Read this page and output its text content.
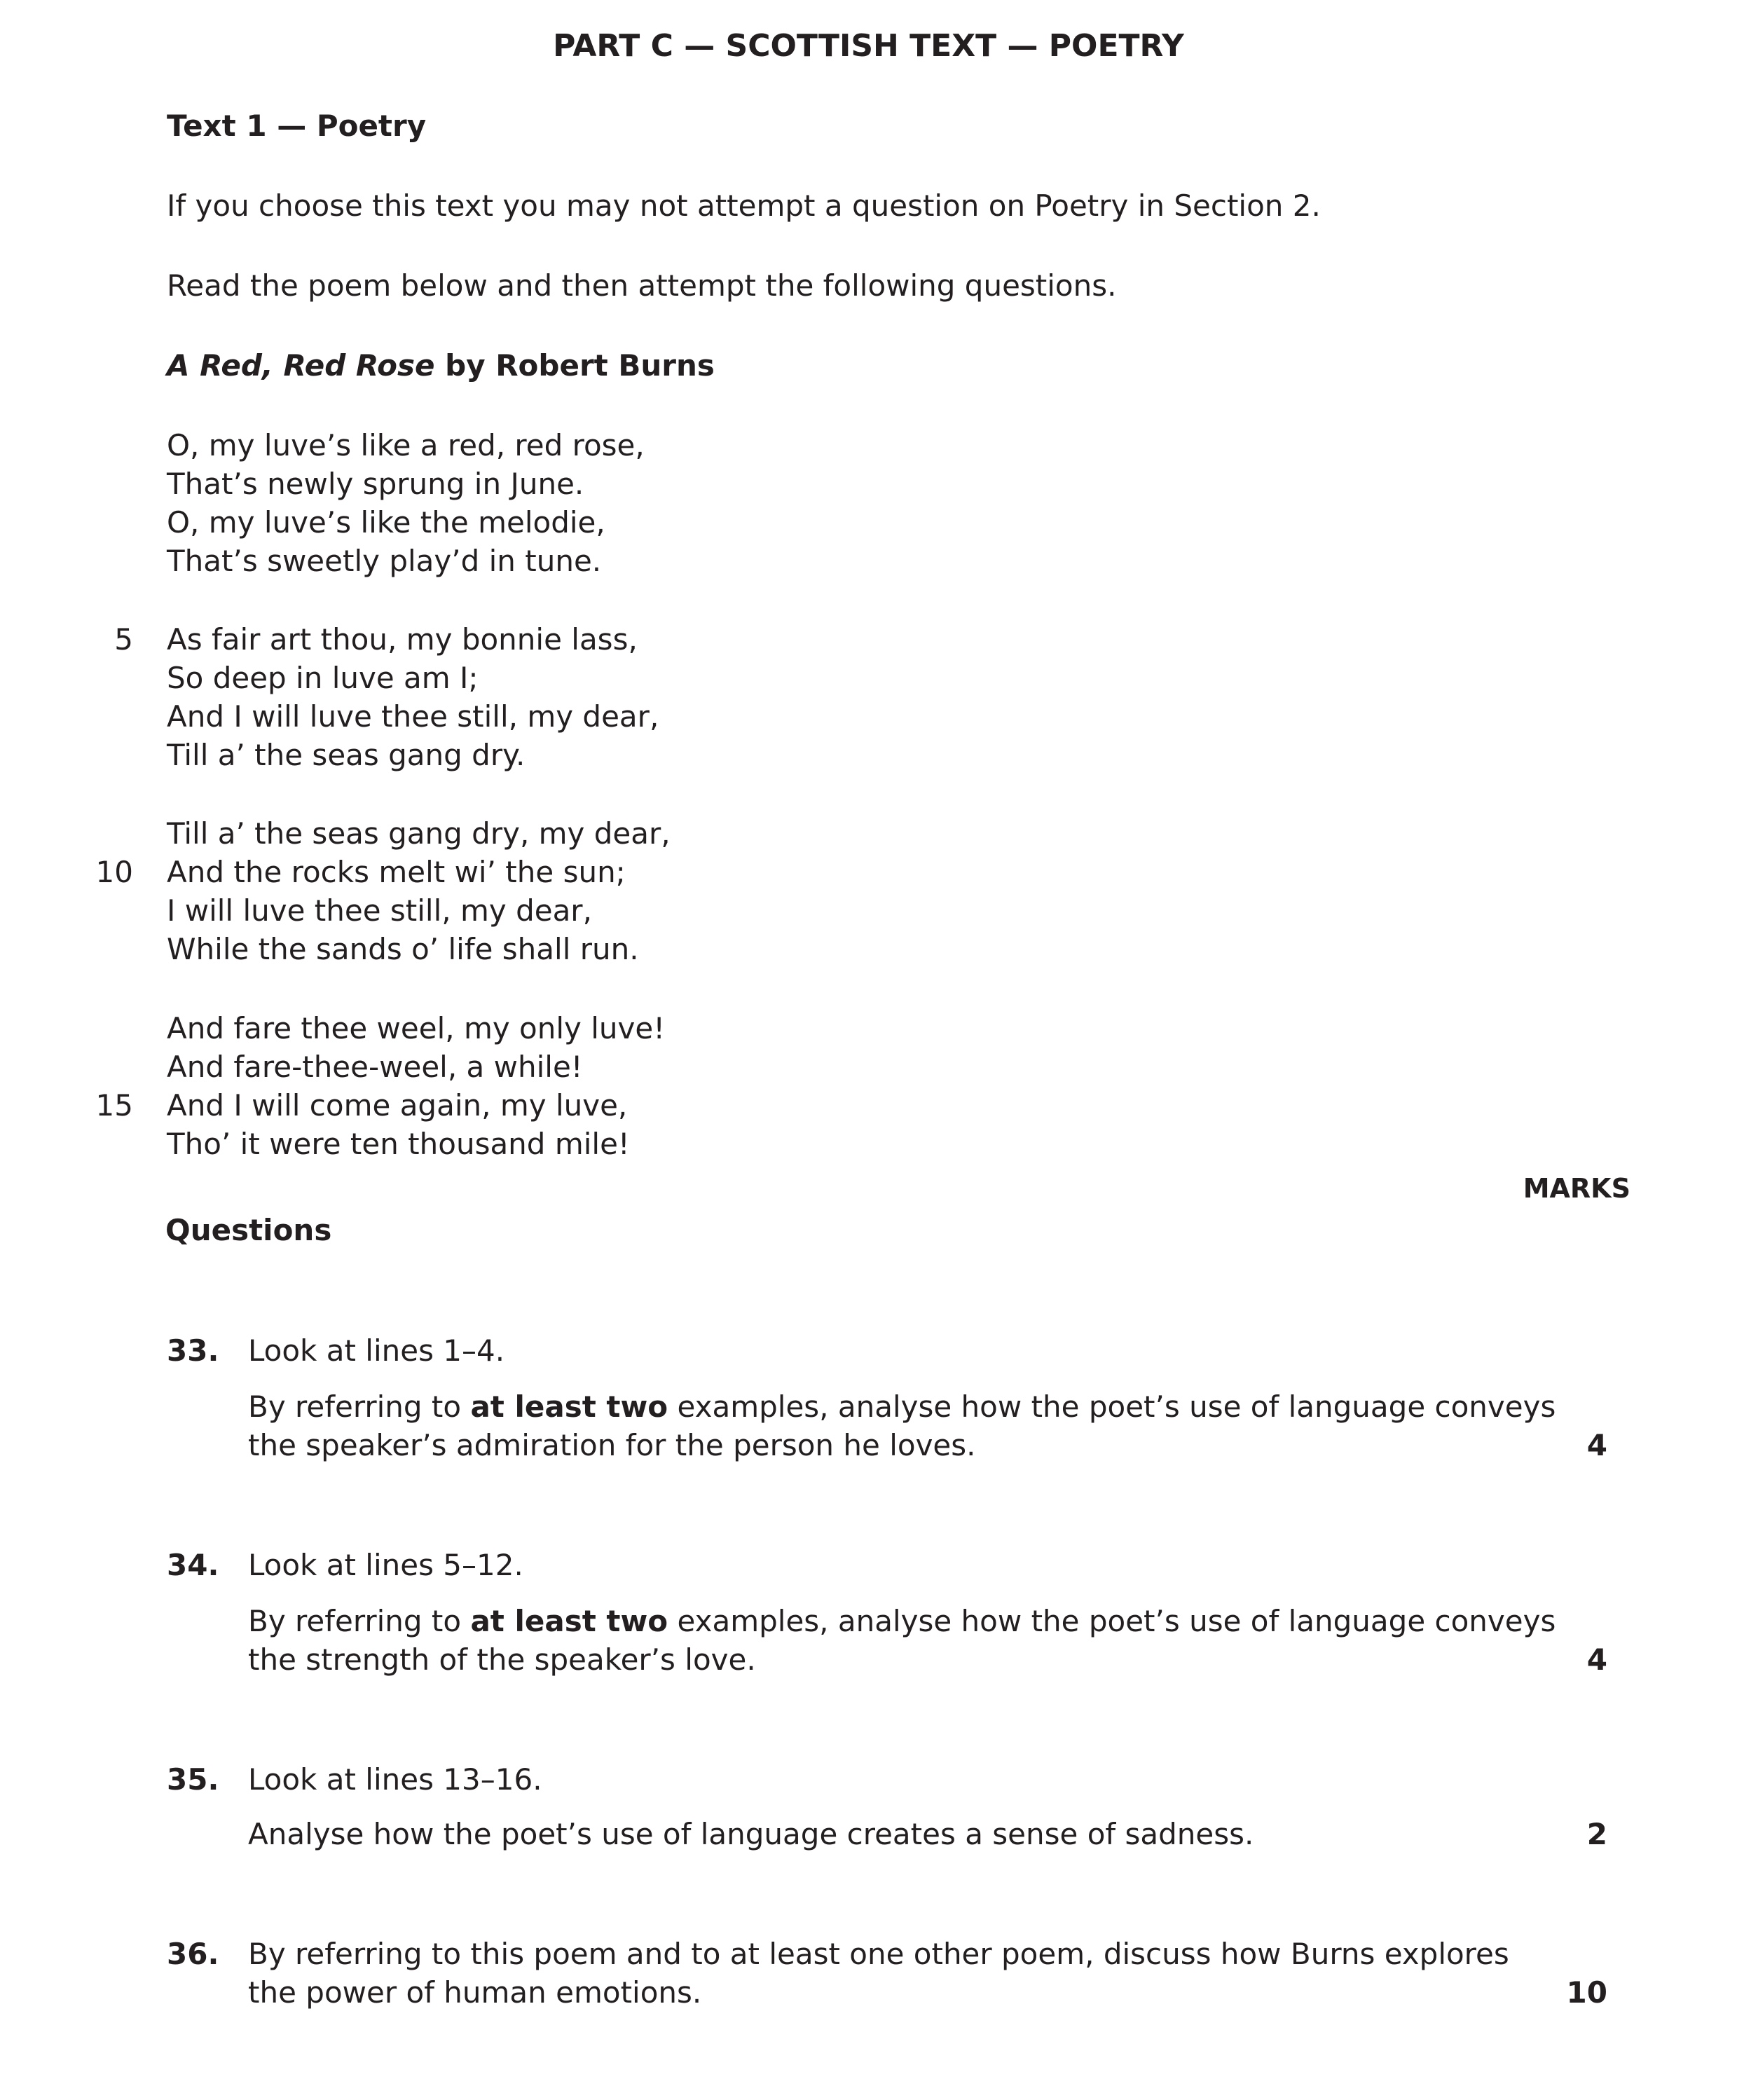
PART C — SCOTTISH TEXT — POETRY
Text 1 — Poetry
If you choose this text you may not attempt a question on Poetry in Section 2.
Read the poem below and then attempt the following questions.
A Red, Red Rose by Robert Burns
O, my luve’s like a red, red rose,
That’s newly sprung in June.
O, my luve’s like the melodie,
That’s sweetly play’d in tune.
5 As fair art thou, my bonnie lass,
So deep in luve am I;
And I will luve thee still, my dear,
Till a’ the seas gang dry.
Till a’ the seas gang dry, my dear,
10 And the rocks melt wi’ the sun;
I will luve thee still, my dear,
While the sands o’ life shall run.
And fare thee weel, my only luve!
And fare-thee-weel, a while!
15 And I will come again, my luve,
Tho’ it were ten thousand mile!
MARKS
Questions
33. Look at lines 1–4.
By referring to at least two examples, analyse how the poet’s use of language conveys
the speaker’s admiration for the person he loves.	4
34. Look at lines 5–12.
By referring to at least two examples, analyse how the poet’s use of language conveys
the strength of the speaker’s love.	4
35. Look at lines 13–16.
Analyse how the poet’s use of language creates a sense of sadness.	2
36. By referring to this poem and to at least one other poem, discuss how Burns explores
the power of human emotions.	10
